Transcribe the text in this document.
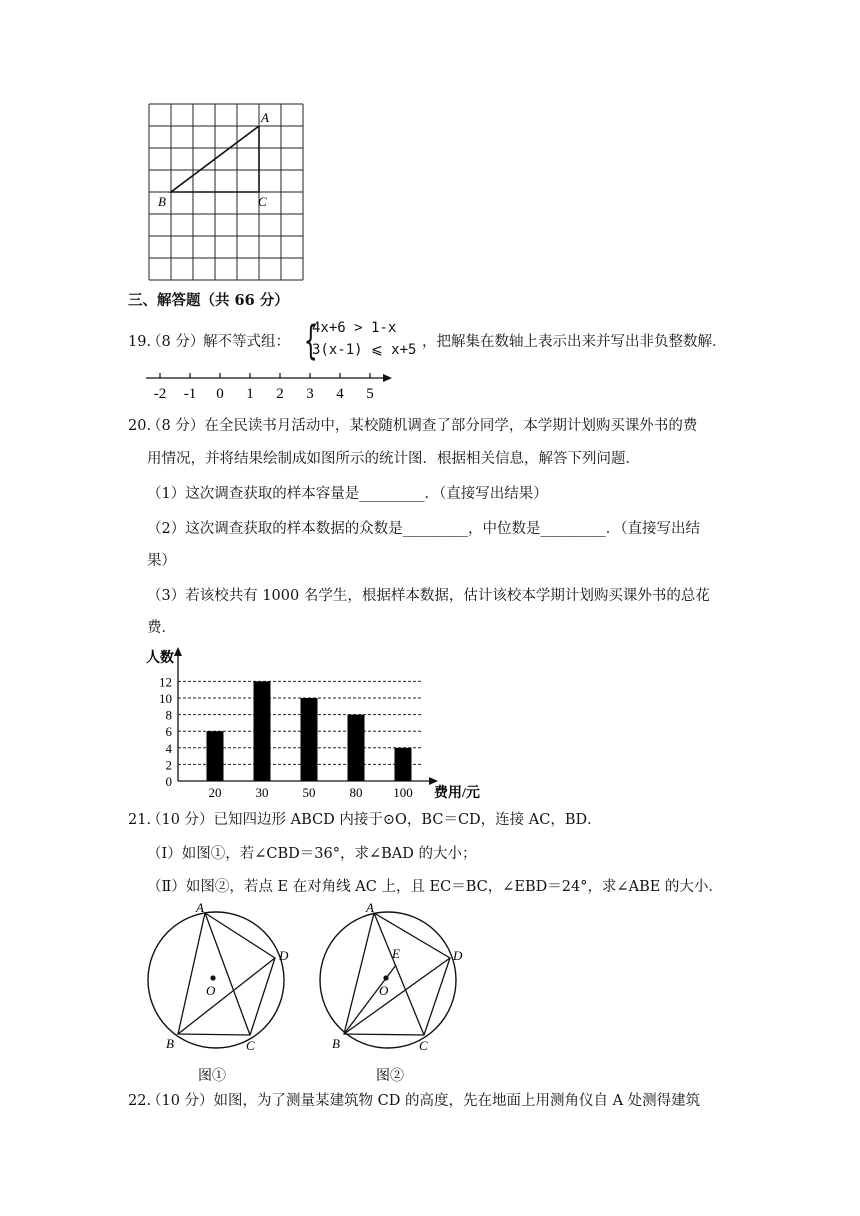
A
B	C
三、解答题（共 66 分）
19.
（8 分）
解不等式组： {
4x+6 > 1-x
3(x-1) ⩽ x+5 ，把解集在数轴上表示出来并写出非负整数解．
-2 -1 0 1 2 3 4 5
20.
（8 分）在全民读书月活动中，某校随机调查了部分同学，本学期计划购买课外书的费
用情况，并将结果绘制成如图所示的统计图．根据相关信息，解答下列问题．
（1）这次调查获取的样本容量是_________．（直接写出结果）
（2）这次调查获取的样本数据的众数是_________，中位数是_________．（直接写出结
果）
（3）若该校共有 1000 名学生，根据样本数据，估计该校本学期计划购买课外书的总花
费．
人数
0
2
4
6
8
10
12
20	30	50	80 100 费用/元
21.
（10 分）已知四边形 ABCD 内接于⊙O，BC＝CD，连接 AC，BD．
（Ⅰ）如图①，若∠CBD＝36°，求∠BAD 的大小；
（Ⅱ）如图②，若点 E 在对角线 AC 上，且 EC＝BC，∠EBD＝24°，求∠ABE 的大小．
A
B	C
D
O
图①
A
B	C
D
E
O
图②
22.
（10 分）如图，为了测量某建筑物 CD 的高度，先在地面上用测角仪自 A 处测得建筑
